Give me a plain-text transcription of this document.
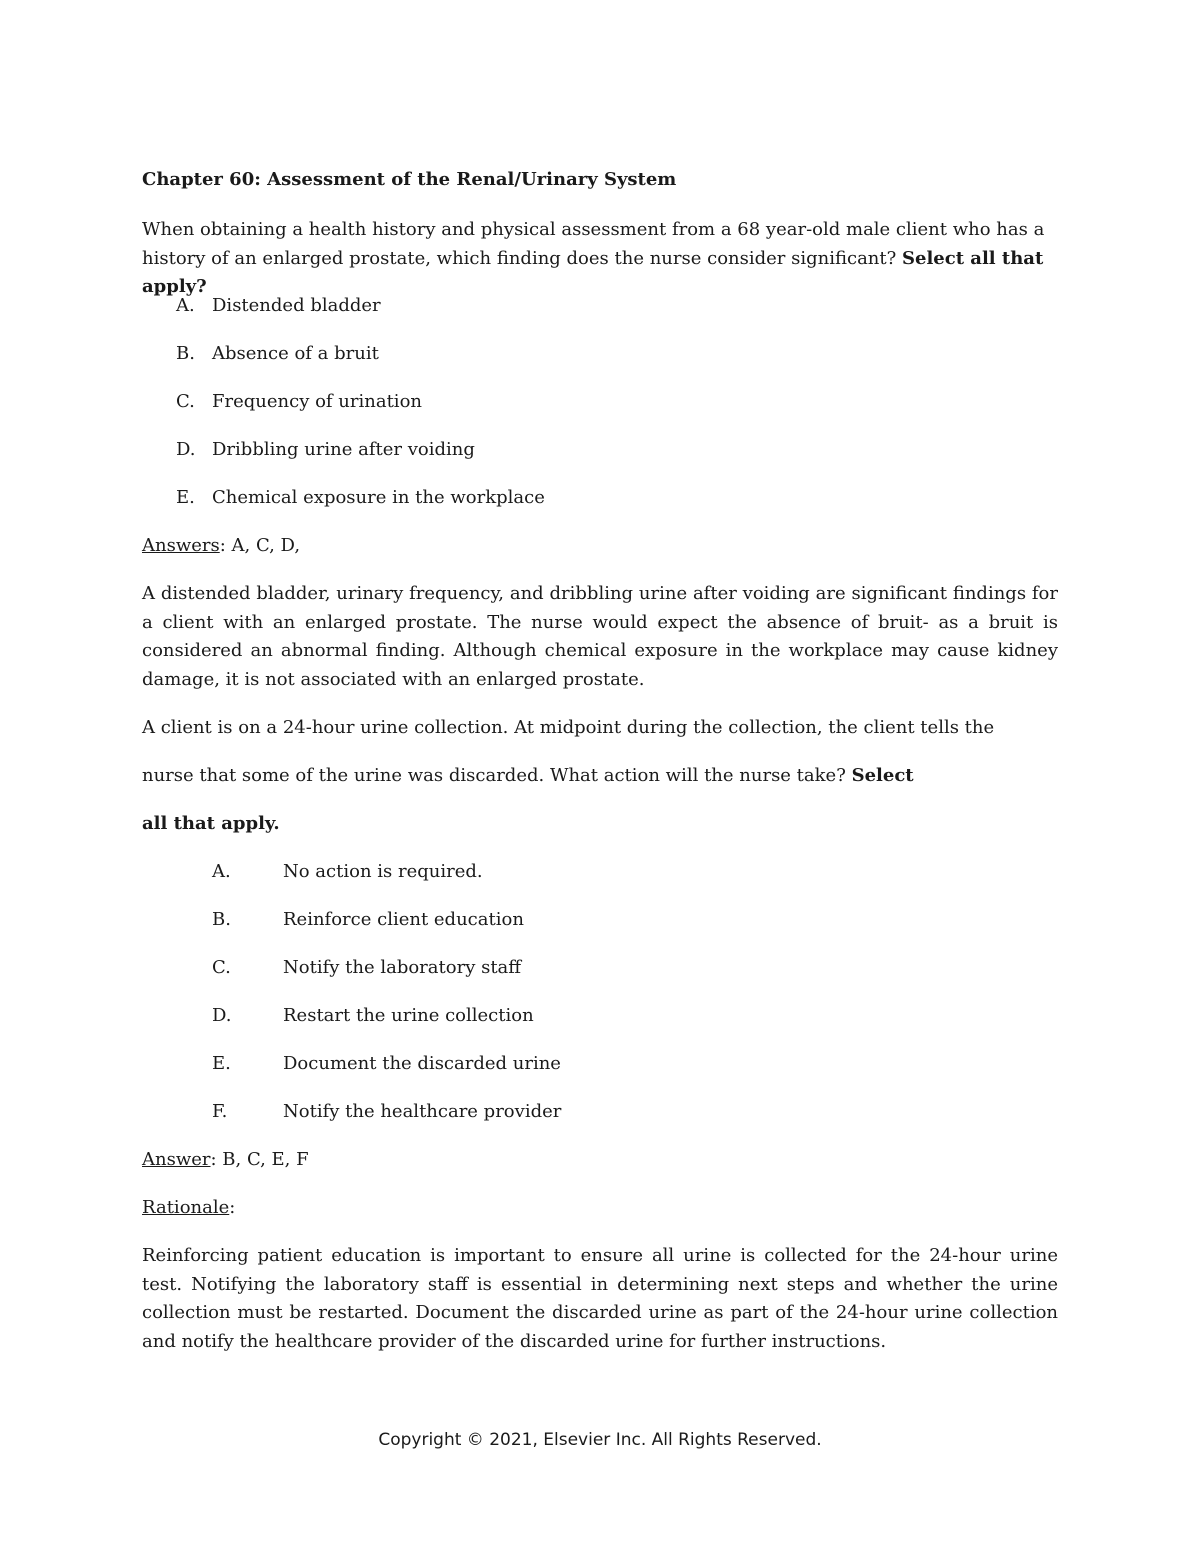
Chapter 60: Assessment of the Renal/Urinary System

When obtaining a health history and physical assessment from a 68 year-old male client who has a history of an enlarged prostate, which finding does the nurse consider significant? Select all that apply?

A. Distended bladder
B. Absence of a bruit
C. Frequency of urination
D. Dribbling urine after voiding
E. Chemical exposure in the workplace

Answers: A, C, D,

A distended bladder, urinary frequency, and dribbling urine after voiding are significant findings for a client with an enlarged prostate. The nurse would expect the absence of bruit- as a bruit is considered an abnormal finding. Although chemical exposure in the workplace may cause kidney damage, it is not associated with an enlarged prostate.

A client is on a 24-hour urine collection. At midpoint during the collection, the client tells the

nurse that some of the urine was discarded. What action will the nurse take? Select

all that apply.

A.	No action is required.
B.	Reinforce client education
C.	Notify the laboratory staff
D.	Restart the urine collection
E.	Document the discarded urine
F.	Notify the healthcare provider

Answer: B, C, E, F

Rationale:

Reinforcing patient education is important to ensure all urine is collected for the 24-hour urine test. Notifying the laboratory staff is essential in determining next steps and whether the urine collection must be restarted. Document the discarded urine as part of the 24-hour urine collection and notify the healthcare provider of the discarded urine for further instructions.

Copyright © 2021, Elsevier Inc. All Rights Reserved.
